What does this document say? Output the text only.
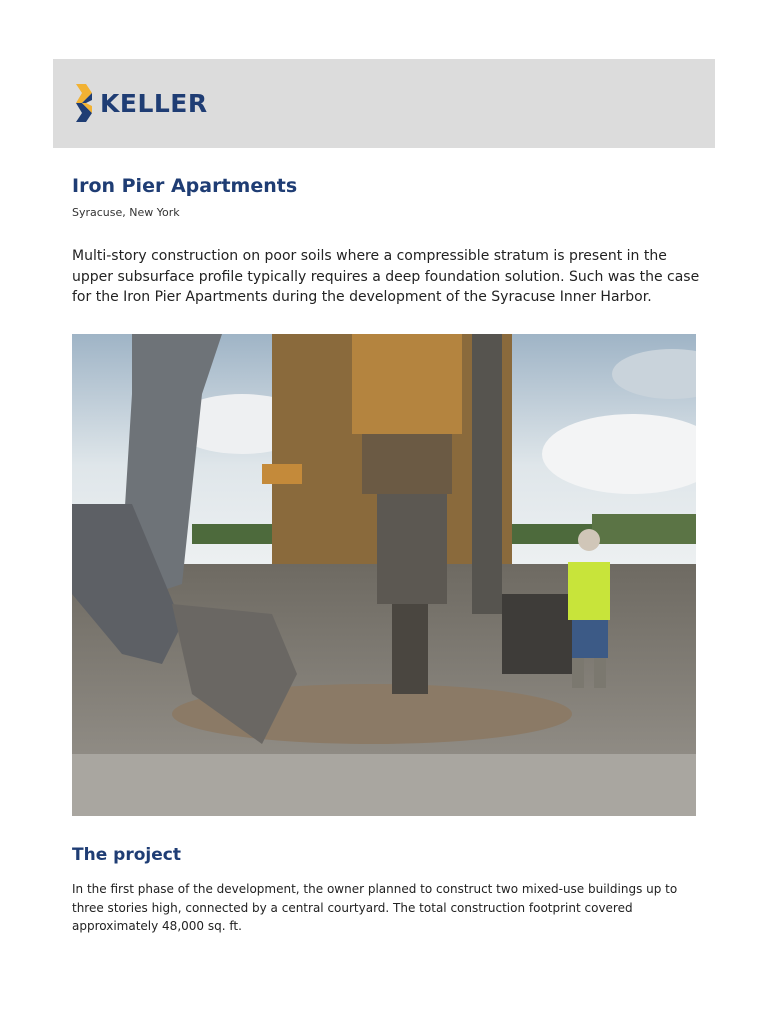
KELLER
Iron Pier Apartments
Syracuse, New York

Multi-story construction on poor soils where a compressible stratum is present in the upper subsurface profile typically requires a deep foundation solution. Such was the case for the Iron Pier Apartments during the development of the Syracuse Inner Harbor.

The project

In the first phase of the development, the owner planned to construct two mixed-use buildings up to three stories high, connected by a central courtyard. The total construction footprint covered approximately 48,000 sq. ft.
